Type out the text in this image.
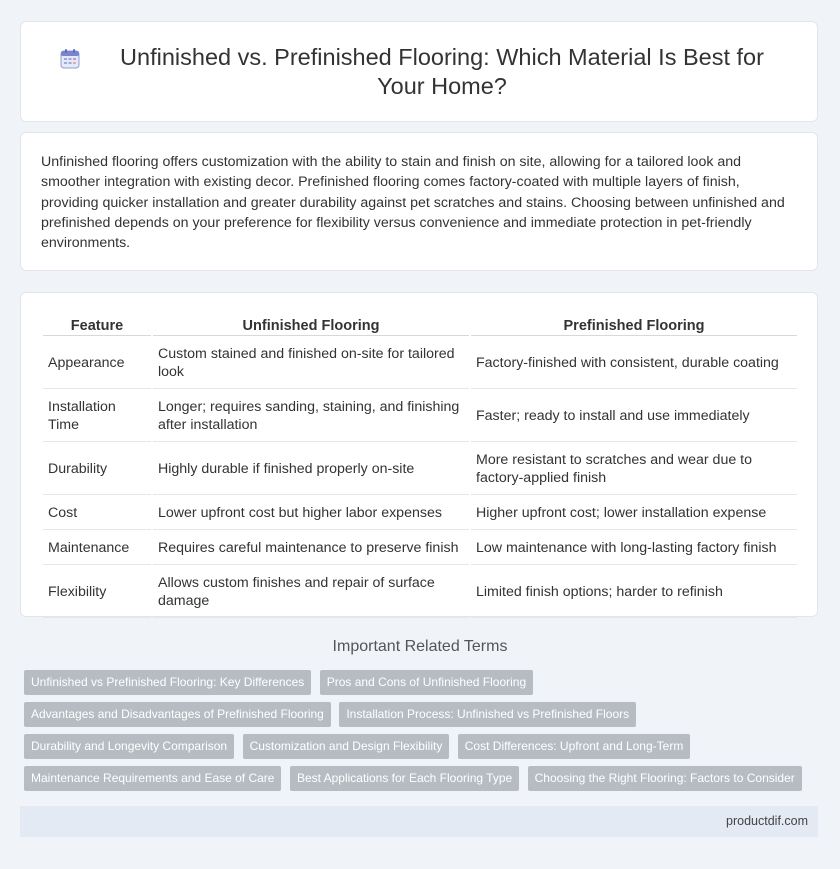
Unfinished vs. Prefinished Flooring: Which Material Is Best for Your Home?

Unfinished flooring offers customization with the ability to stain and finish on site, allowing for a tailored look and smoother integration with existing decor. Prefinished flooring comes factory-coated with multiple layers of finish, providing quicker installation and greater durability against pet scratches and stains. Choosing between unfinished and prefinished depends on your preference for flexibility versus convenience and immediate protection in pet-friendly environments.

Feature	Unfinished Flooring	Prefinished Flooring
Appearance	Custom stained and finished on-site for tailored look	Factory-finished with consistent, durable coating
Installation Time	Longer; requires sanding, staining, and finishing after installation	Faster; ready to install and use immediately
Durability	Highly durable if finished properly on-site	More resistant to scratches and wear due to factory-applied finish
Cost	Lower upfront cost but higher labor expenses	Higher upfront cost; lower installation expense
Maintenance	Requires careful maintenance to preserve finish	Low maintenance with long-lasting factory finish
Flexibility	Allows custom finishes and repair of surface damage	Limited finish options; harder to refinish
Important Related Terms
Unfinished vs Prefinished Flooring: Key Differences Pros and Cons of Unfinished Flooring
Advantages and Disadvantages of Prefinished Flooring Installation Process: Unfinished vs Prefinished Floors
Durability and Longevity Comparison Customization and Design Flexibility Cost Differences: Upfront and Long-Term
Maintenance Requirements and Ease of Care Best Applications for Each Flooring Type Choosing the Right Flooring: Factors to Consider
productdif.com
